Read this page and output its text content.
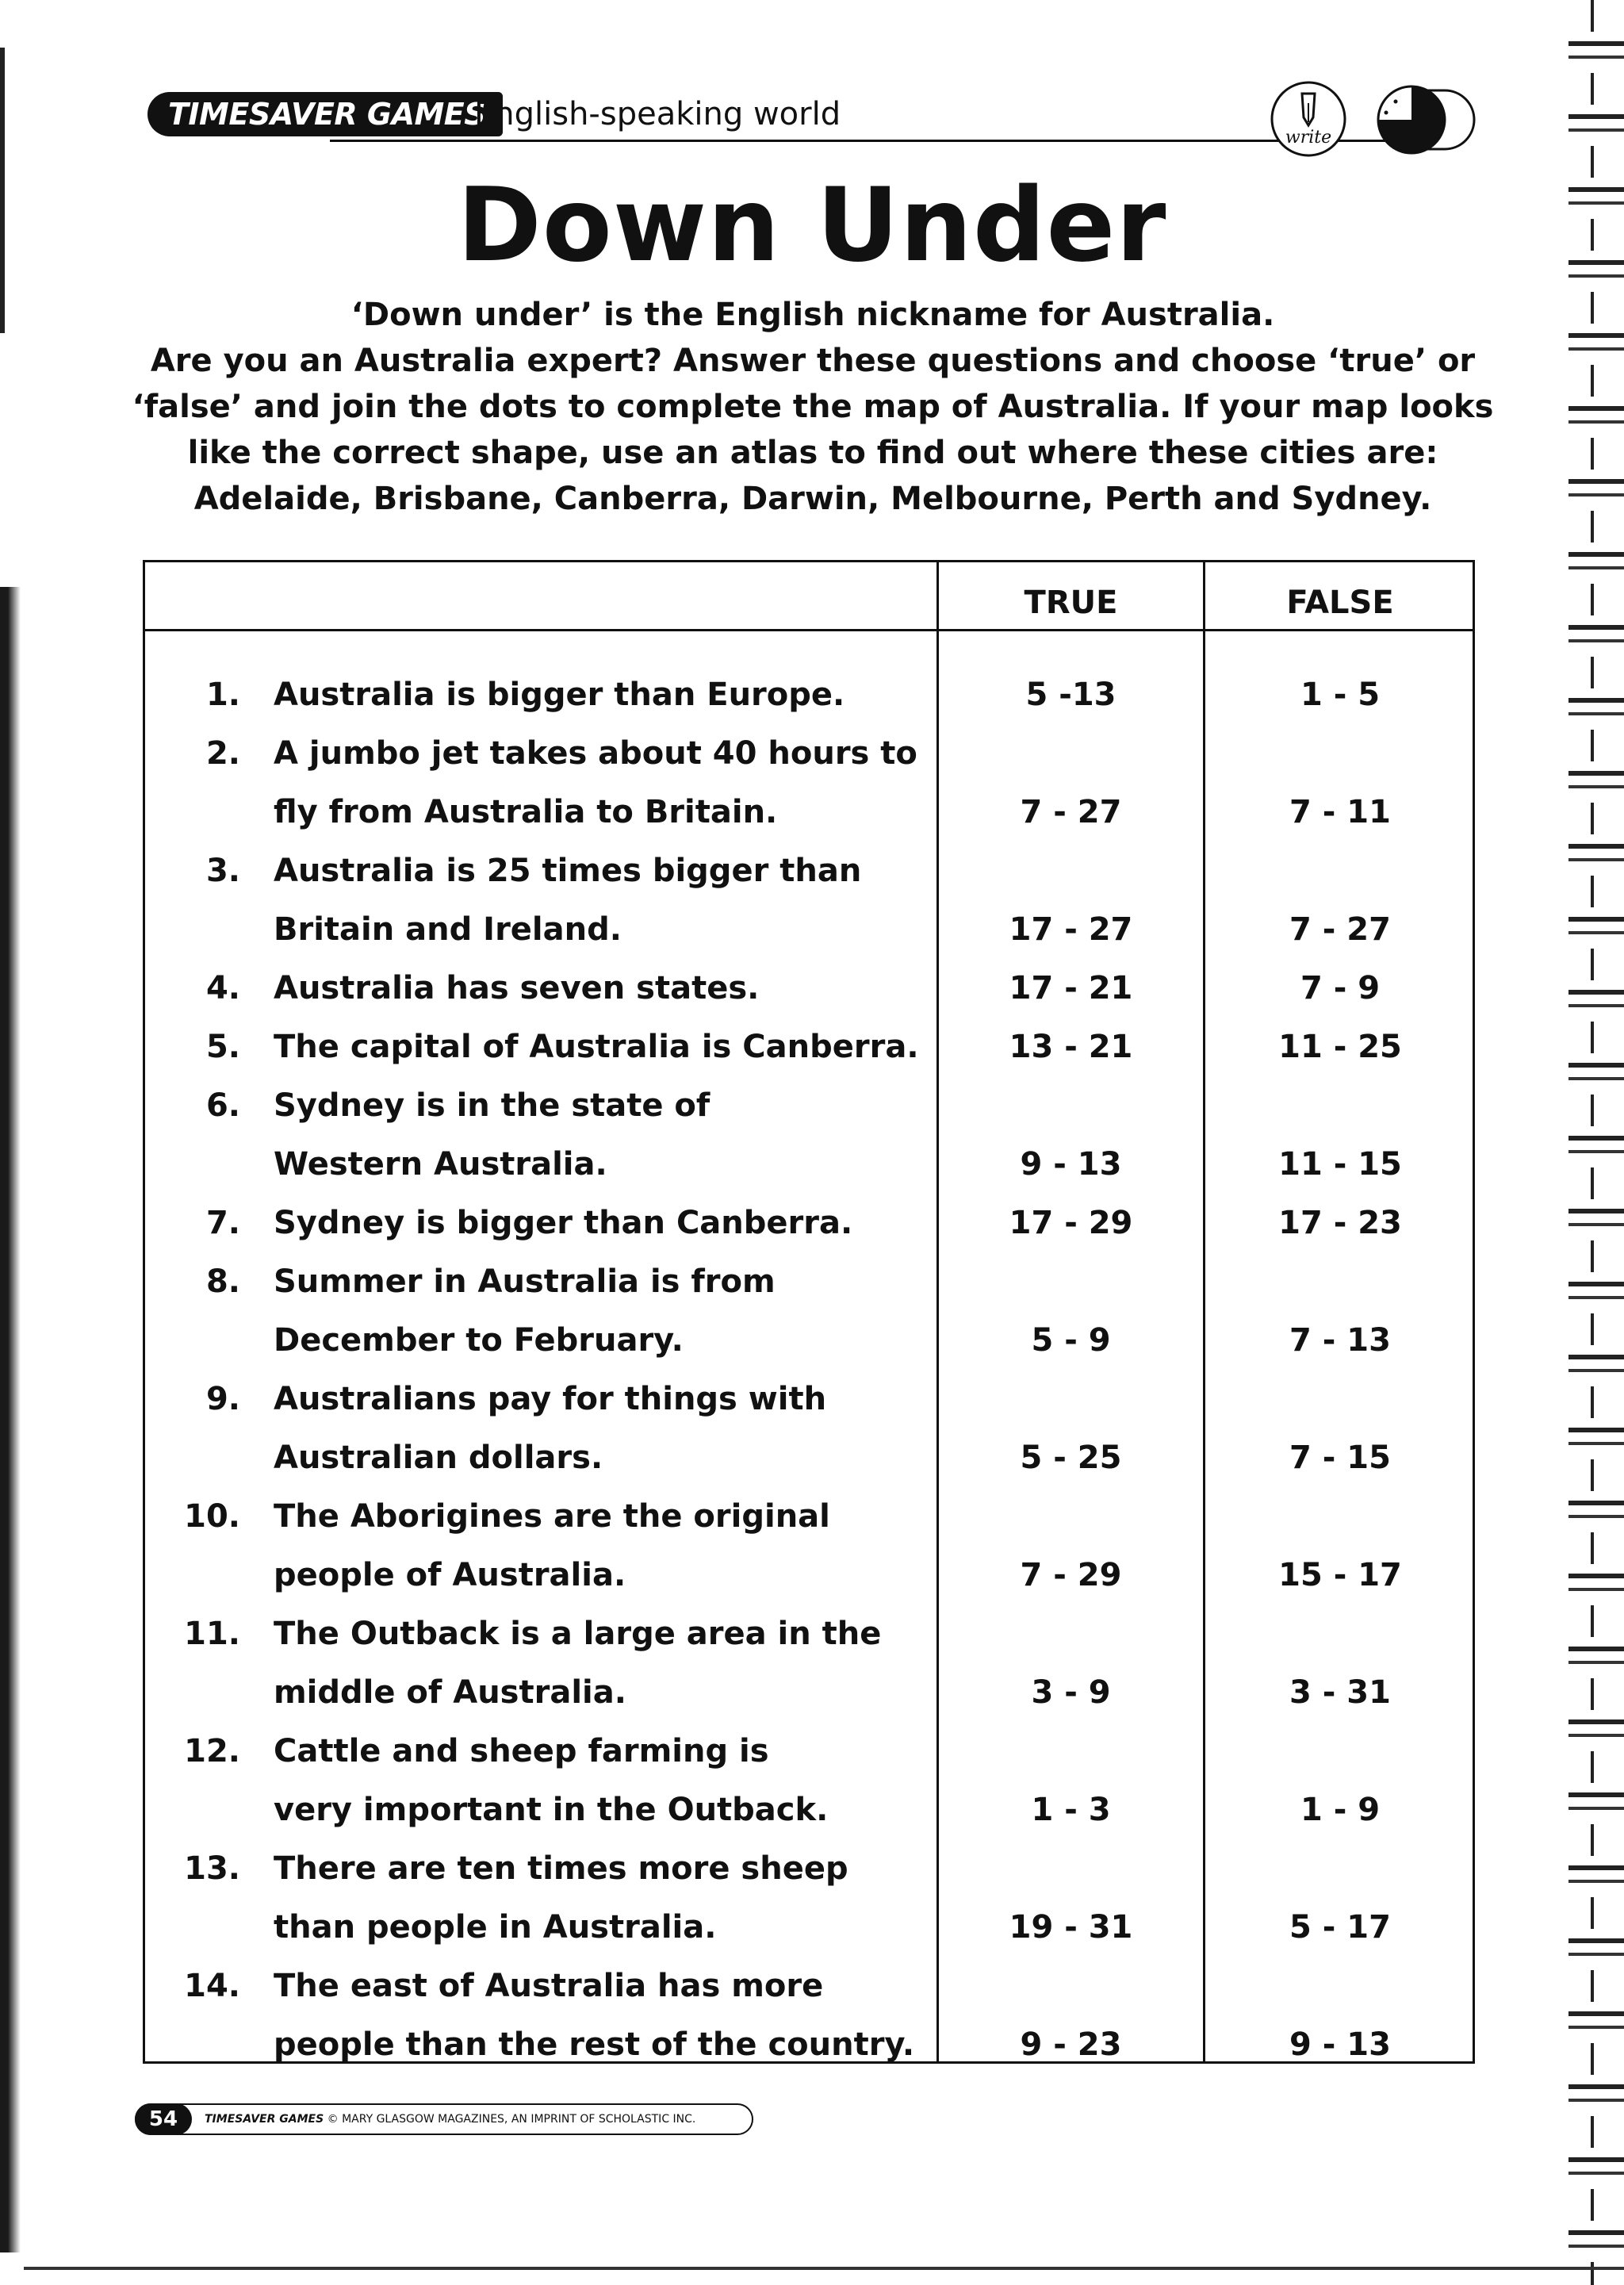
TIMESAVER GAMES
English-speaking world
write
Down Under
‘Down under’ is the English nickname for Australia.
Are you an Australia expert? Answer these questions and choose ‘true’ or
‘false’ and join the dots to complete the map of Australia. If your map looks
like the correct shape, use an atlas to find out where these cities are:
Adelaide, Brisbane, Canberra, Darwin, Melbourne, Perth and Sydney.
TRUE	FALSE
1. Australia is bigger than Europe.	5 -13	1 - 5
2. A jumbo jet takes about 40 hours to
fly from Australia to Britain.	7 - 27	7 - 11
3. Australia is 25 times bigger than
Britain and Ireland.	17 - 27	7 - 27
4. Australia has seven states.	17 - 21	7 - 9
5. The capital of Australia is Canberra.	13 - 21	11 - 25
6. Sydney is in the state of
Western Australia.	9 - 13	11 - 15
7. Sydney is bigger than Canberra.	17 - 29	17 - 23
8. Summer in Australia is from
December to February.	5 - 9	7 - 13
9. Australians pay for things with
Australian dollars.	5 - 25	7 - 15
10. The Aborigines are the original
people of Australia.	7 - 29	15 - 17
11. The Outback is a large area in the
middle of Australia.	3 - 9	3 - 31
12. Cattle and sheep farming is
very important in the Outback.	1 - 3	1 - 9
13. There are ten times more sheep
than people in Australia.	19 - 31	5 - 17
14. The east of Australia has more
people than the rest of the country.	9 - 23	9 - 13
54	TIMESAVER GAMES © MARY GLASGOW MAGAZINES, AN IMPRINT OF SCHOLASTIC INC.
